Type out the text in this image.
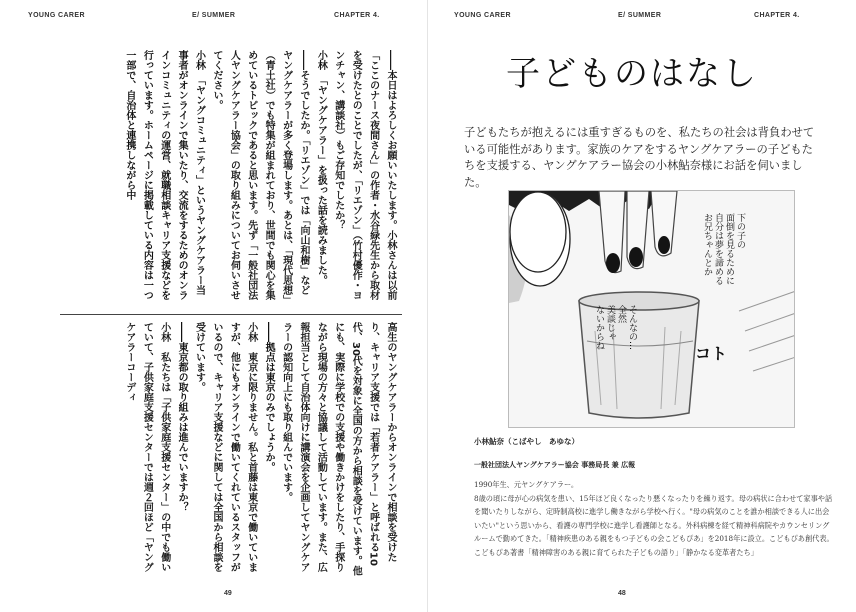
YOUNG CARER	E/ SUMMER	CHAPTER 4.

――本日はよろしくお願いいたします。小林さんは以前「ここのナース夜間さん」の作者・水谷緑先生から取材を受けたとのことでしたが、「リエゾン」（竹村優作・ヨンチャン、講談社）もご存知でしたか？

小林　「ヤングケアラー」を扱った話を読みました。

――そうでしたか。「リエゾン」では「向山和樹」などヤングケアラーが多く登場します。あとは、「現代思想」（青土社）でも特集が組まれており、世間でも関心を集めているトピックであると思います。先ず「一般社団法人ヤングケアラー協会」の取り組みについてお伺いさせてください。

小林　「ヤングコミュニティ」というヤングケアラー当事者がオンラインで集いたり、交流をするためのオンラインコミュニティの運営、就職相談キャリア支援などを行っています。ホームページに掲載している内容は一つ一部で、自治体と連携しながら中

高生のヤングケアラーからオンラインで相談を受けたり、キャリア支援では「若者ケアラー」と呼ばれる10代、30代を対象に全国の方から相談を受けています。他にも、実際に学校での支援や働きかけをしたり、手探りながら現場の方々と協議して活動しています。また、広報担当として自治体向けに講演会を企画してヤングケアラーの認知向上にも取り組んでいます。

――拠点は東京のみでしょうか。

小林　東京に限りません。私と首藤は東京で働いていますが、他にもオンラインで働いてくれているスタッフがいるので、キャリア支援などに関しては全国から相談を受けています。

――東京都の取り組みは進んでいますか？

小林　私たちは「子供家庭支援センター」の中でも働いていて、子供家庭支援センターでは週２回ほど「ヤングケアラーコーディ

49
YOUNG CARER	E/ SUMMER	CHAPTER 4.
子どものはなし
子どもたちが抱えるには重すぎるものを、私たちの社会は背負わせている可能性があります。家族のケアをするヤングケアラーの子どもたちを支援する、ヤングケアラー協会の小林鮎奈様にお話を伺いました。
48
コト
下の子の
面倒を見るために
自分は夢を諦める
お兄ちゃんとか
そんなの…
全然
美談じゃ
ないからね
小林鮎奈（こばやし　あゆな）
一般社団法人ヤングケアラー協会 事務局長 兼 広報

1990年生、元ヤングケアラー。

8歳の頃に母が心の病気を患い、15年ほど良くなったり悪くなったりを繰り返す。母の病状に合わせて家事や話

を聞いたりしながら、定時制高校に進学し働きながら学校へ行く。"母の病気のことを誰か相談できる人に出会

いたい"という思いから、看護の専門学校に進学し看護師となる。外科病棟を経て精神科病院やカウンセリング

ルームで勤めてきた。「精神疾患のある親をもつ子どもの会こどもぴあ」を2018年に設立。こどもぴあ創代表。

こどもぴあ著書「精神障害のある親に育てられた子どもの語り」「静かなる変革者たち」
